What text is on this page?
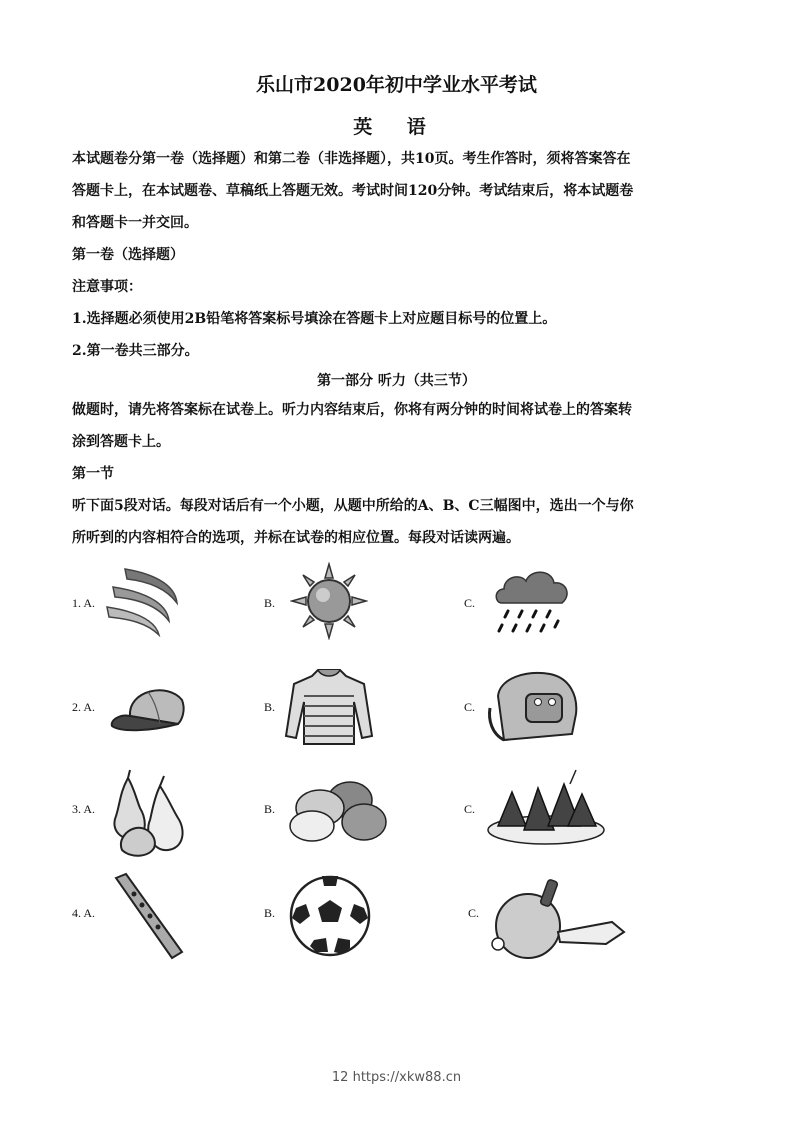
乐山市2020年初中学业水平考试
英 语
本试题卷分第一卷（选择题）和第二卷（非选择题），共10页。考生作答时，须将答案答在
答题卡上，在本试题卷、草稿纸上答题无效。考试时间120分钟。考试结束后，将本试题卷
和答题卡一并交回。
第一卷（选择题）
注意事项：
1.选择题必须使用2B铅笔将答案标号填涂在答题卡上对应题目标号的位置上。
2.第一卷共三部分。
第一部分 听力（共三节）
做题时，请先将答案标在试卷上。听力内容结束后，你将有两分钟的时间将试卷上的答案转
涂到答题卡上。
第一节
听下面5段对话。每段对话后有一个小题，从题中所给的A、B、C三幅图中，选出一个与你
所听到的内容相符合的选项，并标在试卷的相应位置。每段对话读两遍。
1. A.	B.	C.
2. A.	B.	C.
3. A.	B.	C.
4. A.	B.	C.
12 https://xkw88.cn
